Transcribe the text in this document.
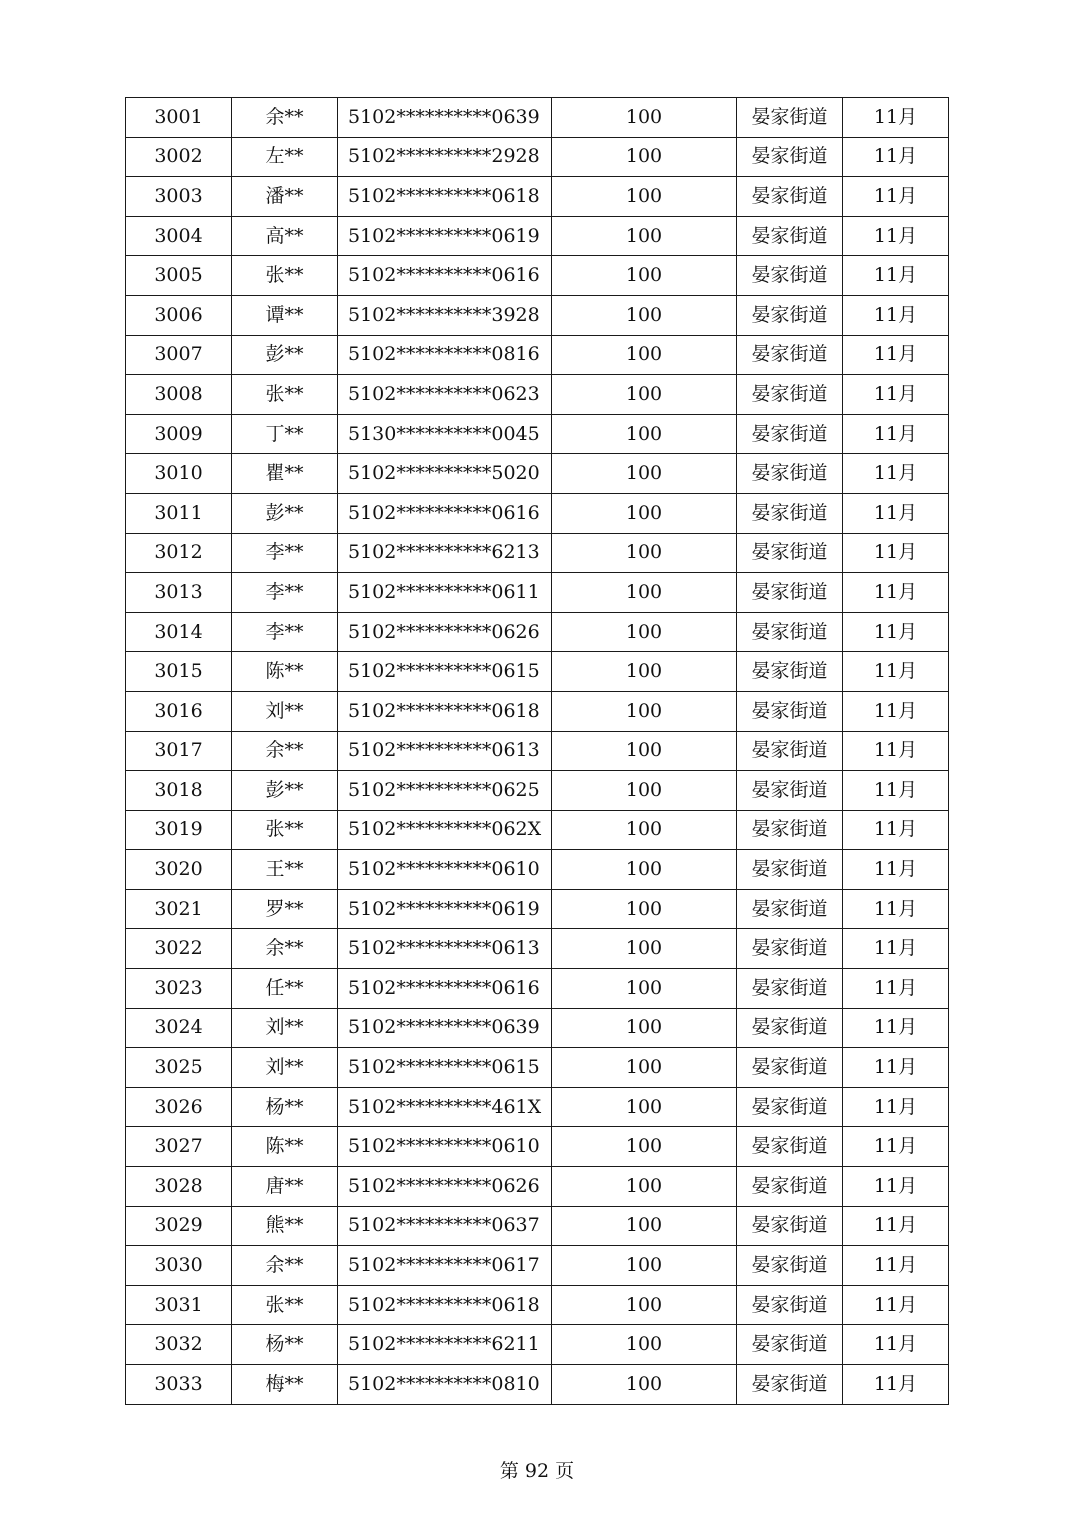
3001	余**	5102**********0639	100	晏家街道	11月
3002	左**	5102**********2928	100	晏家街道	11月
3003	潘**	5102**********0618	100	晏家街道	11月
3004	高**	5102**********0619	100	晏家街道	11月
3005	张**	5102**********0616	100	晏家街道	11月
3006	谭**	5102**********3928	100	晏家街道	11月
3007	彭**	5102**********0816	100	晏家街道	11月
3008	张**	5102**********0623	100	晏家街道	11月
3009	丁**	5130**********0045	100	晏家街道	11月
3010	瞿**	5102**********5020	100	晏家街道	11月
3011	彭**	5102**********0616	100	晏家街道	11月
3012	李**	5102**********6213	100	晏家街道	11月
3013	李**	5102**********0611	100	晏家街道	11月
3014	李**	5102**********0626	100	晏家街道	11月
3015	陈**	5102**********0615	100	晏家街道	11月
3016	刘**	5102**********0618	100	晏家街道	11月
3017	余**	5102**********0613	100	晏家街道	11月
3018	彭**	5102**********0625	100	晏家街道	11月
3019	张**	5102**********062X	100	晏家街道	11月
3020	王**	5102**********0610	100	晏家街道	11月
3021	罗**	5102**********0619	100	晏家街道	11月
3022	余**	5102**********0613	100	晏家街道	11月
3023	任**	5102**********0616	100	晏家街道	11月
3024	刘**	5102**********0639	100	晏家街道	11月
3025	刘**	5102**********0615	100	晏家街道	11月
3026	杨**	5102**********461X	100	晏家街道	11月
3027	陈**	5102**********0610	100	晏家街道	11月
3028	唐**	5102**********0626	100	晏家街道	11月
3029	熊**	5102**********0637	100	晏家街道	11月
3030	余**	5102**********0617	100	晏家街道	11月
3031	张**	5102**********0618	100	晏家街道	11月
3032	杨**	5102**********6211	100	晏家街道	11月
3033	梅**	5102**********0810	100	晏家街道	11月
第 92 页
